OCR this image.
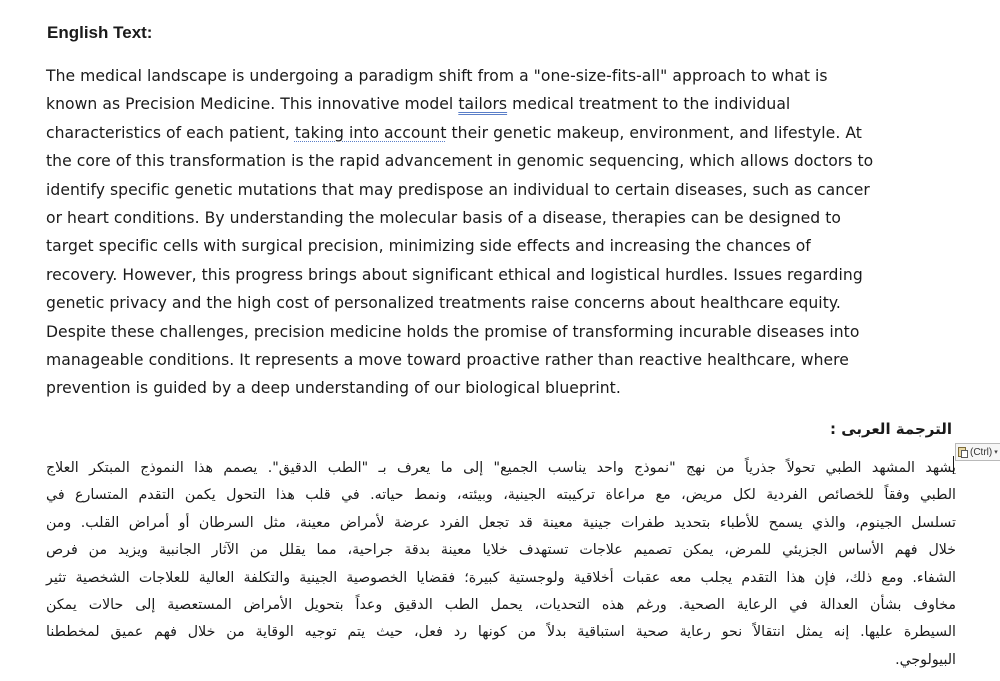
English Text:

The medical landscape is undergoing a paradigm shift from a "one-size-fits-all" approach to what is
known as Precision Medicine. This innovative model tailors medical treatment to the individual
characteristics of each patient, taking into account their genetic makeup, environment, and lifestyle. At
the core of this transformation is the rapid advancement in genomic sequencing, which allows doctors to
identify specific genetic mutations that may predispose an individual to certain diseases, such as cancer
or heart conditions. By understanding the molecular basis of a disease, therapies can be designed to
target specific cells with surgical precision, minimizing side effects and increasing the chances of
recovery. However, this progress brings about significant ethical and logistical hurdles. Issues regarding
genetic privacy and the high cost of personalized treatments raise concerns about healthcare equity.
Despite these challenges, precision medicine holds the promise of transforming incurable diseases into
manageable conditions. It represents a move toward proactive rather than reactive healthcare, where
prevention is guided by a deep understanding of our biological blueprint.

الترجمة العربى :
(Ctrl) ▾

يشهد المشهد الطبي تحولاً جذرياً من نهج "نموذج واحد يناسب الجميع" إلى ما يعرف بـ "الطب الدقيق". يصمم هذا النموذج المبتكر العلاج
الطبي وفقاً للخصائص الفردية لكل مريض، مع مراعاة تركيبته الجينية، وبيئته، ونمط حياته. في قلب هذا التحول يكمن التقدم المتسارع في
تسلسل الجينوم، والذي يسمح للأطباء بتحديد طفرات جينية معينة قد تجعل الفرد عرضة لأمراض معينة، مثل السرطان أو أمراض القلب. ومن
خلال فهم الأساس الجزيئي للمرض، يمكن تصميم علاجات تستهدف خلايا معينة بدقة جراحية، مما يقلل من الآثار الجانبية ويزيد من فرص
الشفاء. ومع ذلك، فإن هذا التقدم يجلب معه عقبات أخلاقية ولوجستية كبيرة؛ فقضايا الخصوصية الجينية والتكلفة العالية للعلاجات الشخصية تثير
مخاوف بشأن العدالة في الرعاية الصحية. ورغم هذه التحديات، يحمل الطب الدقيق وعداً بتحويل الأمراض المستعصية إلى حالات يمكن
السيطرة عليها. إنه يمثل انتقالاً نحو رعاية صحية استباقية بدلاً من كونها رد فعل، حيث يتم توجيه الوقاية من خلال فهم عميق لمخططنا
البيولوجي.
